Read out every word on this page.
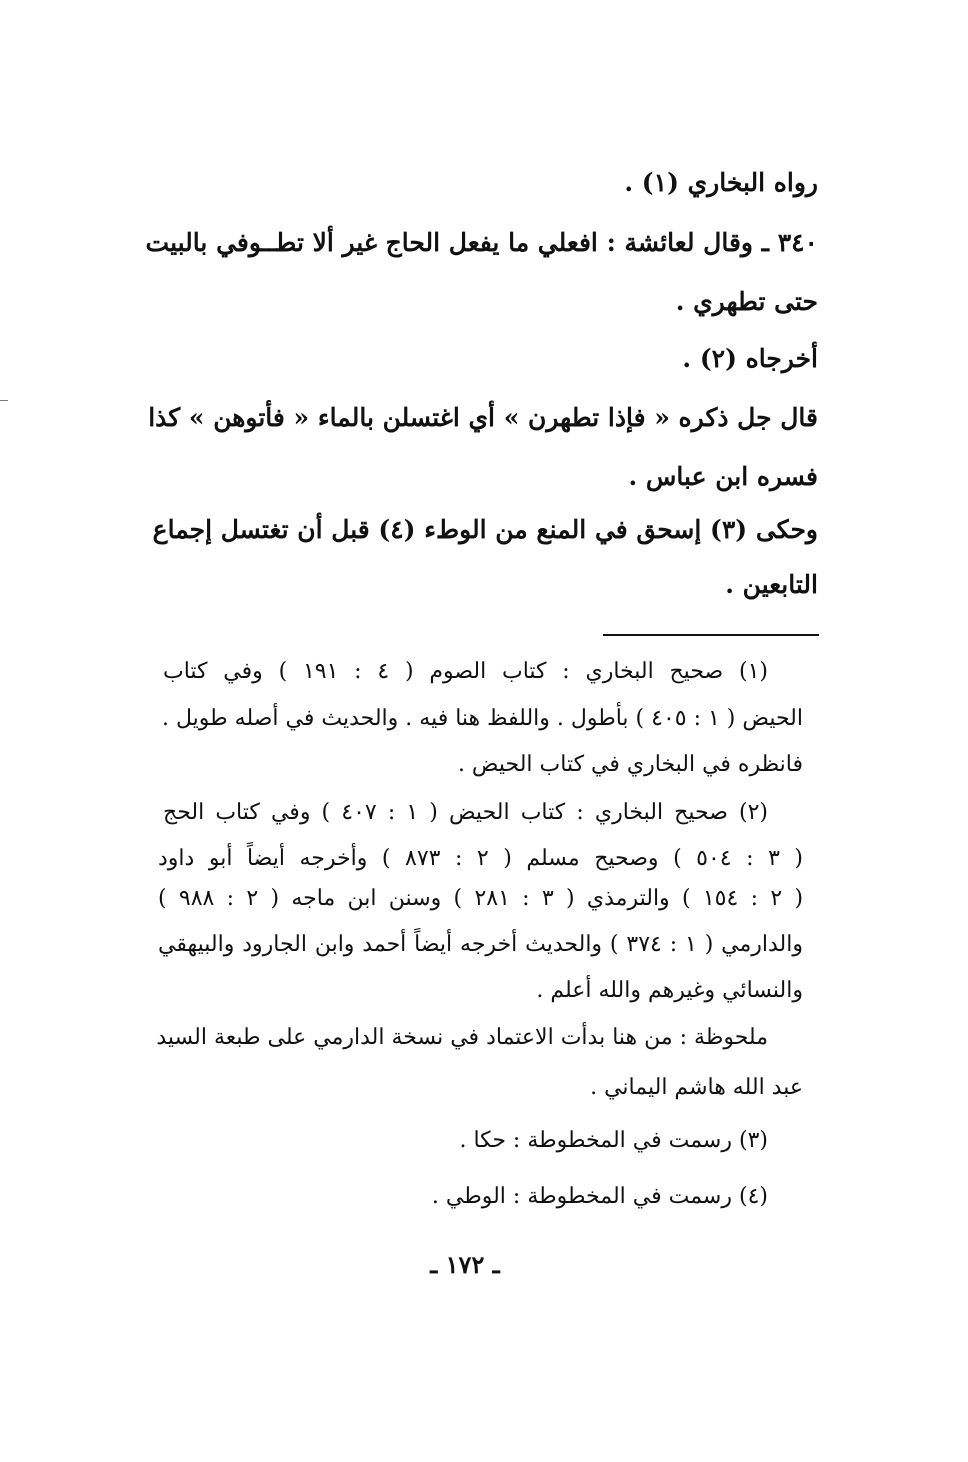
رواه البخاري (١) .
٣٤٠ ـ وقال لعائشة : افعلي ما يفعل الحاج غير ألا تطــوفي بالبيت
حتى تطهري .
أخرجاه (٢) .
قال جل ذكره « فإذا تطهرن » أي اغتسلن بالماء « فأتوهن » كذا
فسره ابن عباس .
وحكى (٣) إسحق في المنع من الوطء (٤) قبل أن تغتسل إجماع
التابعين .
(١) صحيح البخاري : كتاب الصوم ( ٤ : ١٩١ ) وفي كتاب
الحيض ( ١ : ٤٠٥ ) بأطول . واللفظ هنا فيه . والحديث في أصله طويل .
فانظره في البخاري في كتاب الحيض .
(٢) صحيح البخاري : كتاب الحيض ( ١ : ٤٠٧ ) وفي كتاب الحج
( ٣ : ٥٠٤ ) وصحيح مسلم ( ٢ : ٨٧٣ ) وأخرجه أيضاً أبو داود
( ٢ : ١٥٤ ) والترمذي ( ٣ : ٢٨١ ) وسنن ابن ماجه ( ٢ : ٩٨٨ )
والدارمي ( ١ : ٣٧٤ ) والحديث أخرجه أيضاً أحمد وابن الجارود والبيهقي
والنسائي وغيرهم والله أعلم .
ملحوظة : من هنا بدأت الاعتماد في نسخة الدارمي على طبعة السيد
عبد الله هاشم اليماني .
(٣) رسمت في المخطوطة : حكا .
(٤) رسمت في المخطوطة : الوطي .
ـ ١٧٢ ـ
